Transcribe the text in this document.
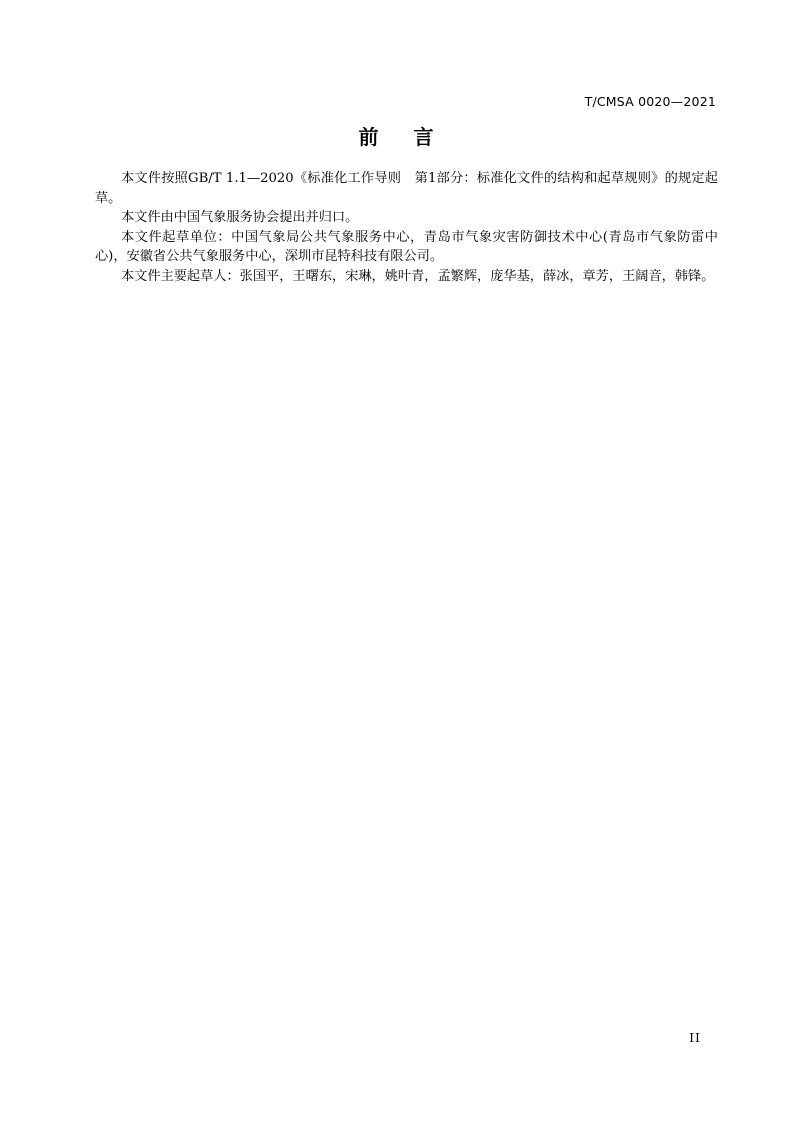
T/CMSA 0020—2021
前 言

本文件按照GB/T 1.1—2020《标准化工作导则　第1部分：标准化文件的结构和起草规则》的规定起草。

本文件由中国气象服务协会提出并归口。

本文件起草单位：中国气象局公共气象服务中心，青岛市气象灾害防御技术中心(青岛市气象防雷中心)，安徽省公共气象服务中心，深圳市昆特科技有限公司。

本文件主要起草人：张国平，王曙东，宋琳，姚叶青，孟繁辉，庞华基，薛冰，章芳，王阔音，韩锋。

II
